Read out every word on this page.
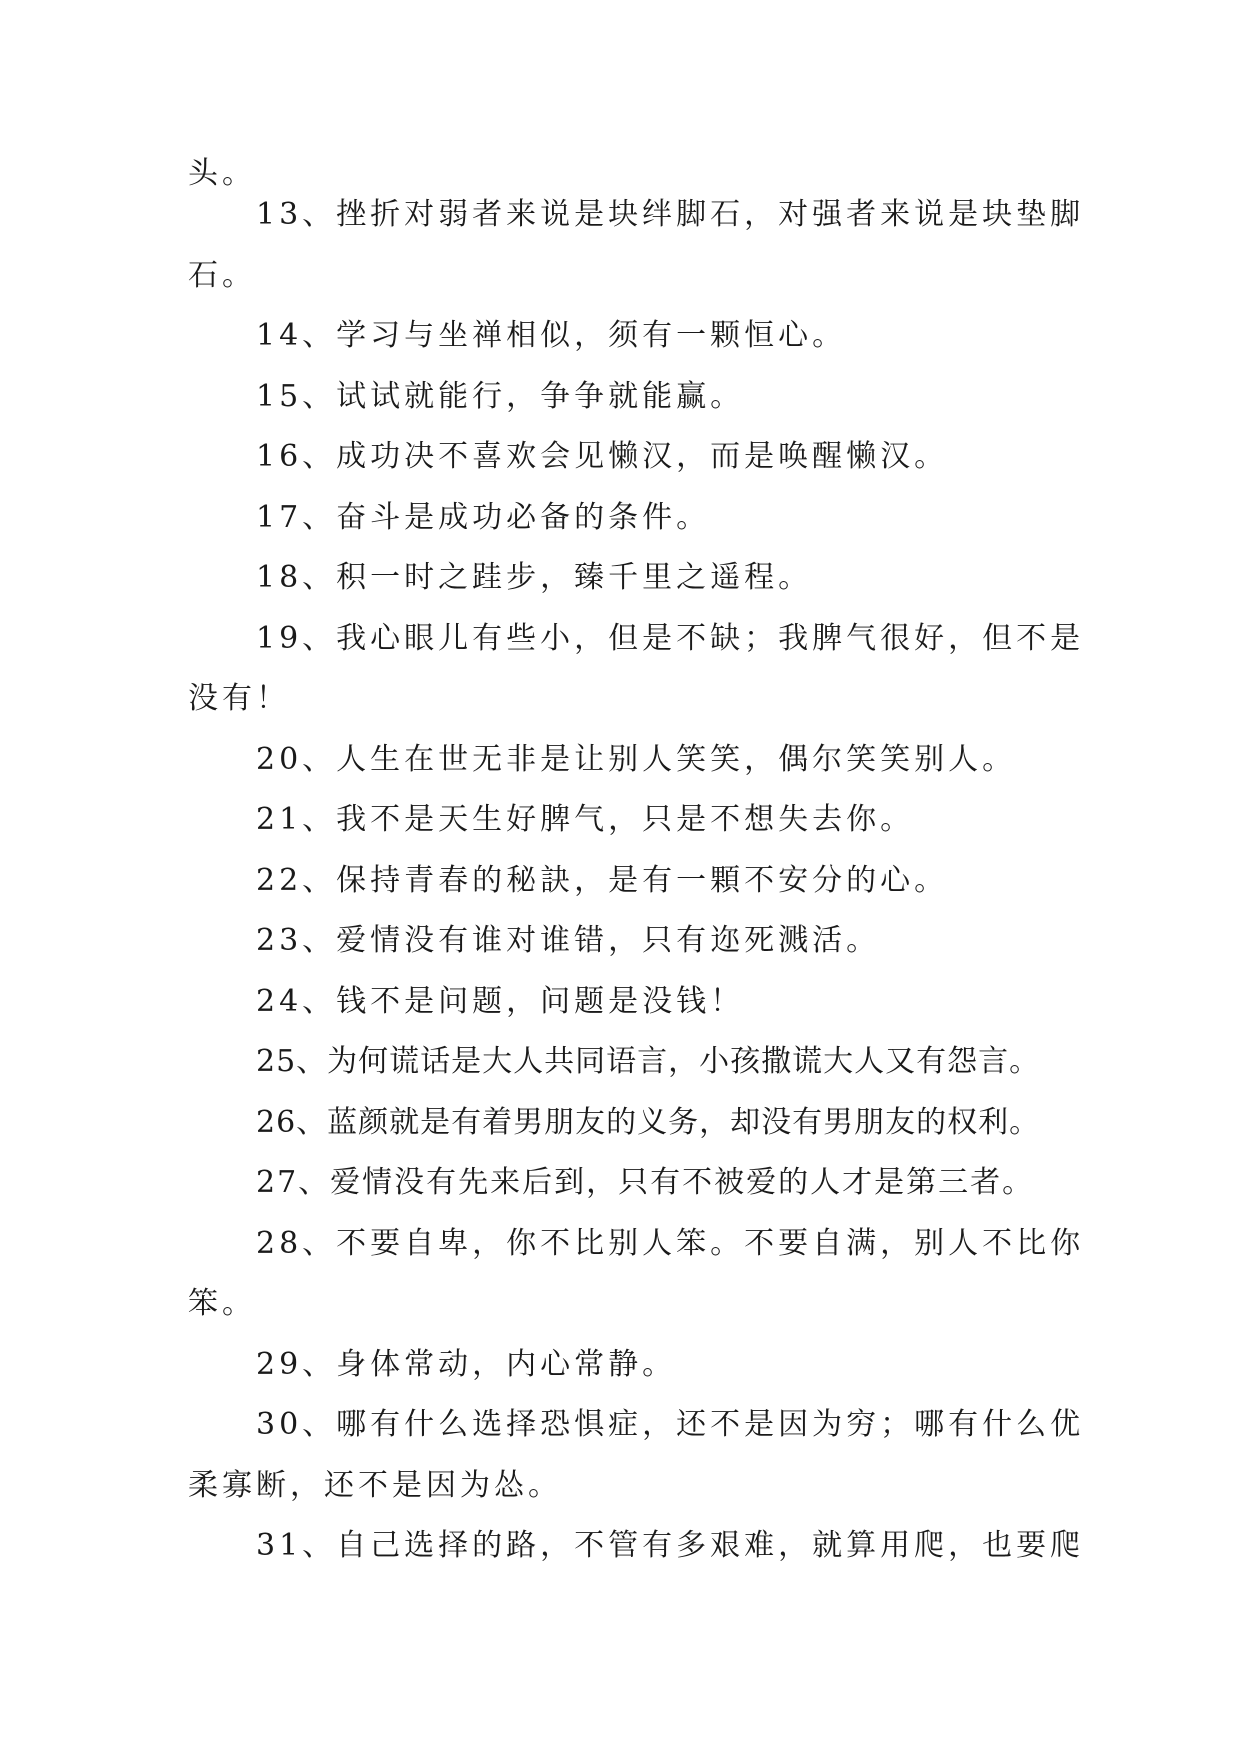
头。
13、挫折对弱者来说是块绊脚石，对强者来说是块垫脚
石。
14、学习与坐禅相似，须有一颗恒心。
15、试试就能行，争争就能赢。
16、成功决不喜欢会见懒汉，而是唤醒懒汉。
17、奋斗是成功必备的条件。
18、积一时之跬步，臻千里之遥程。
19、我心眼儿有些小，但是不缺；我脾气很好，但不是
没有！
20、人生在世无非是让别人笑笑，偶尔笑笑别人。
21、我不是天生好脾气，只是不想失去你。
22、保持青春的秘訣，是有一顆不安分的心。
23、爱情没有谁对谁错，只有迩死溅活。
24、钱不是问题，问题是没钱！
25、为何谎话是大人共同语言，小孩撒谎大人又有怨言。
26、蓝颜就是有着男朋友的义务，却没有男朋友的权利。
27、爱情没有先来后到，只有不被爱的人才是第三者。
28、不要自卑，你不比别人笨。不要自满，别人不比你
笨。
29、身体常动，内心常静。
30、哪有什么选择恐惧症，还不是因为穷；哪有什么优
柔寡断，还不是因为怂。
31、自己选择的路，不管有多艰难，就算用爬，也要爬
